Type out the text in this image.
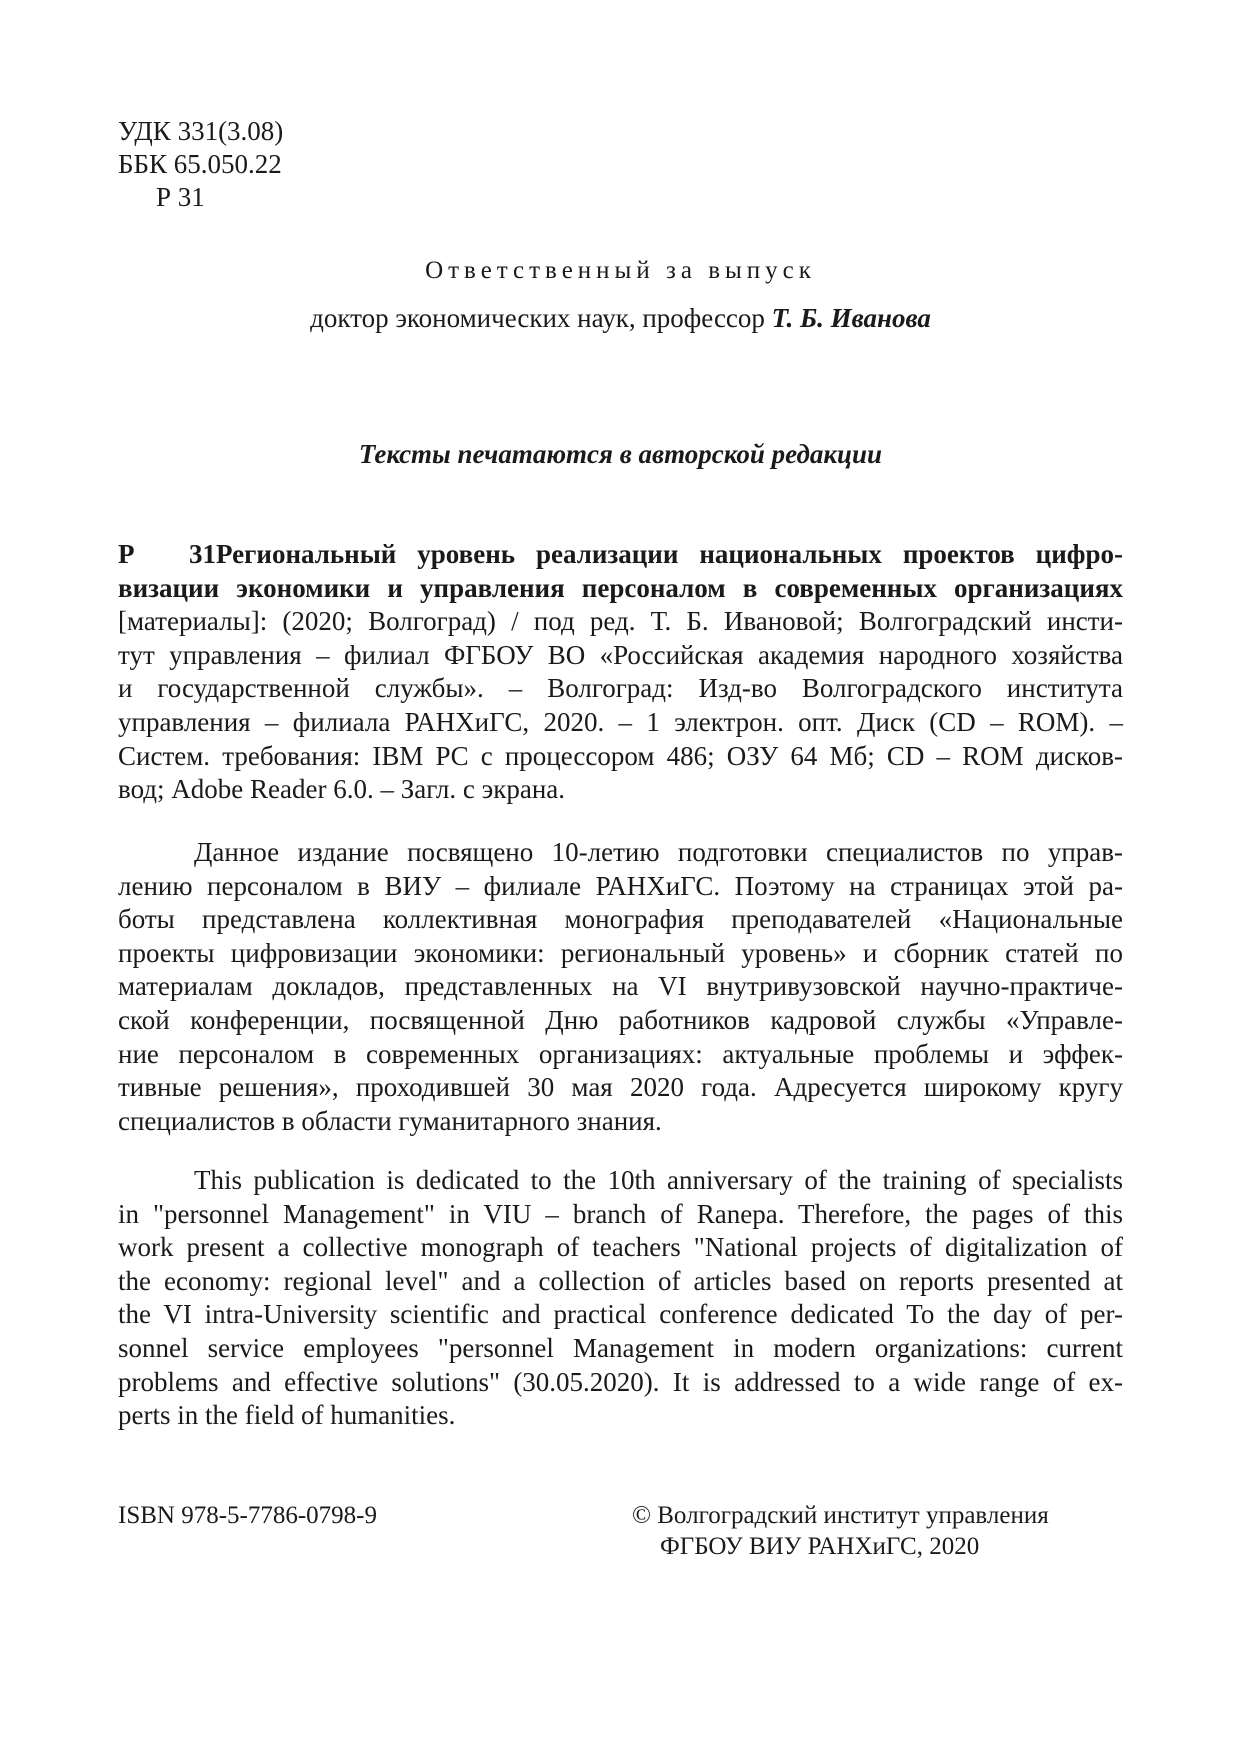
УДК 331(3.08)
ББК 65.050.22
Р 31
Ответственный за выпуск
доктор экономических наук, профессор Т. Б. Иванова
Тексты печатаются в авторской редакции
Р 31Региональный уровень реализации национальных проектов цифро-
визации экономики и управления персоналом в современных организациях
[материалы]: (2020; Волгоград) / под ред. Т. Б. Ивановой; Волгоградский инсти-
тут управления – филиал ФГБОУ ВО «Российская академия народного хозяйства
и государственной службы». – Волгоград: Изд-во Волгоградского института
управления – филиала РАНХиГС, 2020. – 1 электрон. опт. Диск (CD – ROM). –
Систем. требования: IBM PC с процессором 486; ОЗУ 64 Мб; CD – ROM дисков-
вод; Adobe Reader 6.0. – Загл. с экрана.
Данное издание посвящено 10-летию подготовки специалистов по управ-
лению персоналом в ВИУ – филиале РАНХиГС. Поэтому на страницах этой ра-
боты представлена коллективная монография преподавателей «Национальные
проекты цифровизации экономики: региональный уровень» и сборник статей по
материалам докладов, представленных на VI внутривузовской научно-практиче-
ской конференции, посвященной Дню работников кадровой службы «Управле-
ние персоналом в современных организациях: актуальные проблемы и эффек-
тивные решения», проходившей 30 мая 2020 года. Адресуется широкому кругу
специалистов в области гуманитарного знания.
This publication is dedicated to the 10th anniversary of the training of specialists
in "personnel Management" in VIU – branch of Ranepa. Therefore, the pages of this
work present a collective monograph of teachers "National projects of digitalization of
the economy: regional level" and a collection of articles based on reports presented at
the VI intra-University scientific and practical conference dedicated To the day of per-
sonnel service employees "personnel Management in modern organizations: current
problems and effective solutions" (30.05.2020). It is addressed to a wide range of ex-
perts in the field of humanities.
ISBN 978-5-7786-0798-9	© Волгоградский институт управления
ФГБОУ ВИУ РАНХиГС, 2020
